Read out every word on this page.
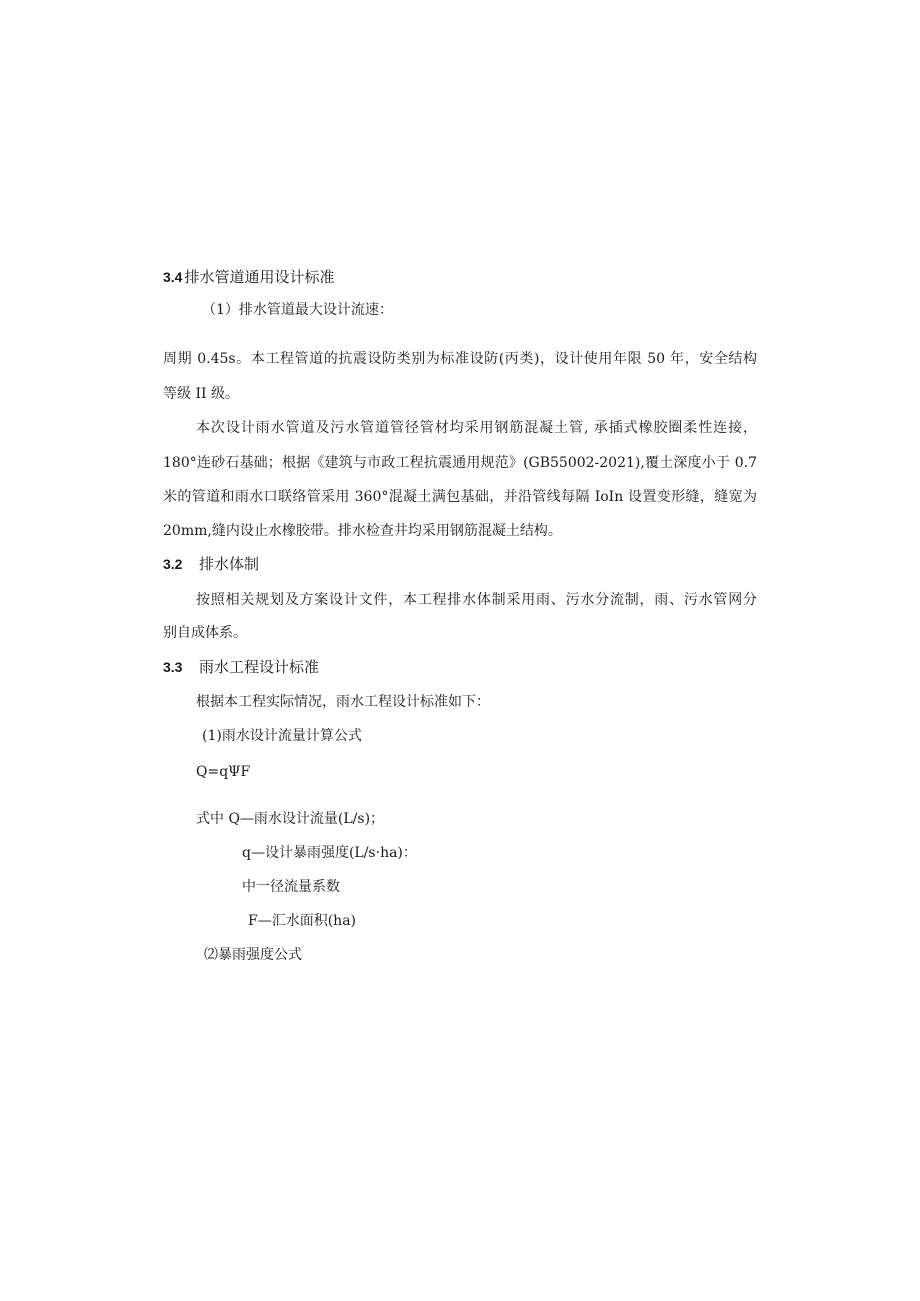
3.4 排水管道通用设计标准
（1）排水管道最大设计流速：
周期 0.45s。本工程管道的抗震设防类别为标准设防(丙类)，设计使用年限 50 年，安全结构
等级 II 级。
本次设计雨水管道及污水管道管径管材均采用钢筋混凝土管, 承插式橡胶圈柔性连接，
180°连砂石基础；根据《建筑与市政工程抗震通用规范》(GB55002-2021),覆土深度小于 0.7
米的管道和雨水口联络管采用 360°混凝土满包基础，并沿管线每隔 IoIn 设置变形缝，缝宽为
20mm,缝内设止水橡胶带。排水检查井均采用钢筋混凝土结构。
3.2 排水体制
按照相关规划及方案设计文件，本工程排水体制采用雨、污水分流制，雨、污水管网分
别自成体系。
3.3 雨水工程设计标准
根据本工程实际情况，雨水工程设计标准如下：
(1)雨水设计流量计算公式
Q=qΨF
式中 Q—雨水设计流量(L/s)；
q—设计暴雨强度(L/s·ha)：
中一径流量系数
F—汇水面积(ha)
⑵暴雨强度公式
